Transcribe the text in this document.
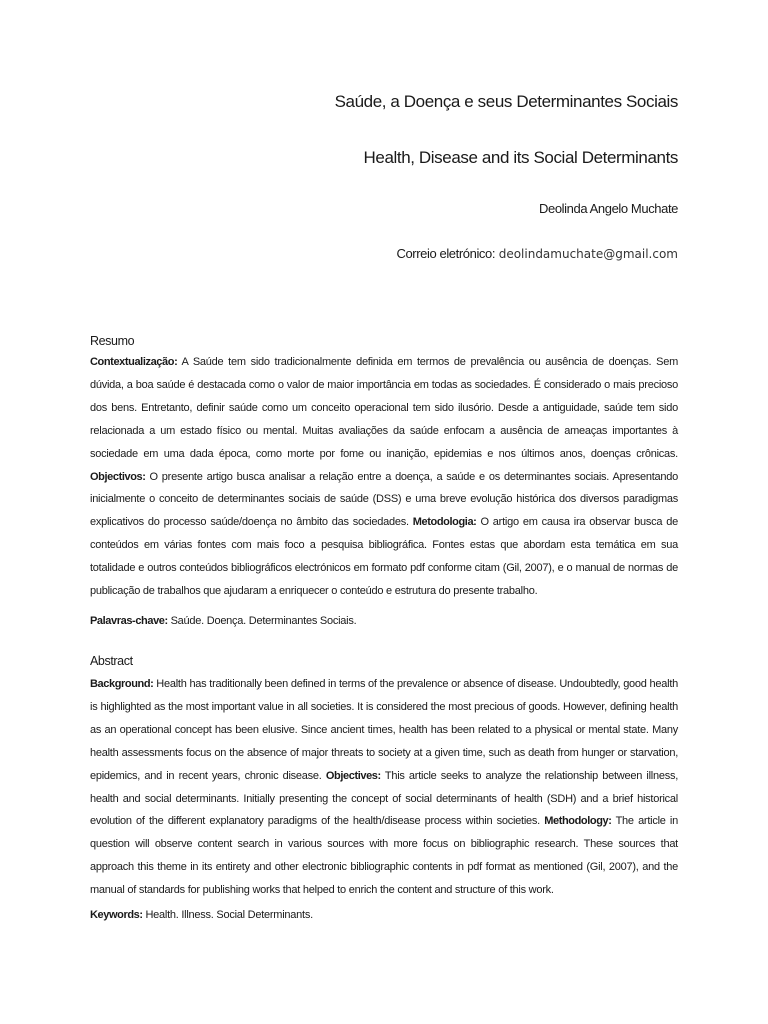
Saúde, a Doença e seus Determinantes Sociais
Health, Disease and its Social Determinants
Deolinda Angelo Muchate
Correio eletrónico: deolindamuchate@gmail.com
Resumo

Contextualização: A Saúde tem sido tradicionalmente definida em termos de prevalência ou ausência de doenças. Sem dúvida, a boa saúde é destacada como o valor de maior importância em todas as sociedades. É considerado o mais precioso dos bens. Entretanto, definir saúde como um conceito operacional tem sido ilusório. Desde a antiguidade, saúde tem sido relacionada a um estado físico ou mental. Muitas avaliações da saúde enfocam a ausência de ameaças importantes à sociedade em uma dada época, como morte por fome ou inanição, epidemias e nos últimos anos, doenças crônicas. Objectivos: O presente artigo busca analisar a relação entre a doença, a saúde e os determinantes sociais. Apresentando inicialmente o conceito de determinantes sociais de saúde (DSS) e uma breve evolução histórica dos diversos paradigmas explicativos do processo saúde/doença no âmbito das sociedades. Metodologia: O artigo em causa ira observar busca de conteúdos em várias fontes com mais foco a pesquisa bibliográfica. Fontes estas que abordam esta temática em sua totalidade e outros conteúdos bibliográficos electrónicos em formato pdf conforme citam (Gil, 2007), e o manual de normas de publicação de trabalhos que ajudaram a enriquecer o conteúdo e estrutura do presente trabalho.

Palavras-chave: Saúde. Doença. Determinantes Sociais.
Abstract

Background: Health has traditionally been defined in terms of the prevalence or absence of disease. Undoubtedly, good health is highlighted as the most important value in all societies. It is considered the most precious of goods. However, defining health as an operational concept has been elusive. Since ancient times, health has been related to a physical or mental state. Many health assessments focus on the absence of major threats to society at a given time, such as death from hunger or starvation, epidemics, and in recent years, chronic disease. Objectives: This article seeks to analyze the relationship between illness, health and social determinants. Initially presenting the concept of social determinants of health (SDH) and a brief historical evolution of the different explanatory paradigms of the health/disease process within societies. Methodology: The article in question will observe content search in various sources with more focus on bibliographic research. These sources that approach this theme in its entirety and other electronic bibliographic contents in pdf format as mentioned (Gil, 2007), and the manual of standards for publishing works that helped to enrich the content and structure of this work.

Keywords: Health. Illness. Social Determinants.
